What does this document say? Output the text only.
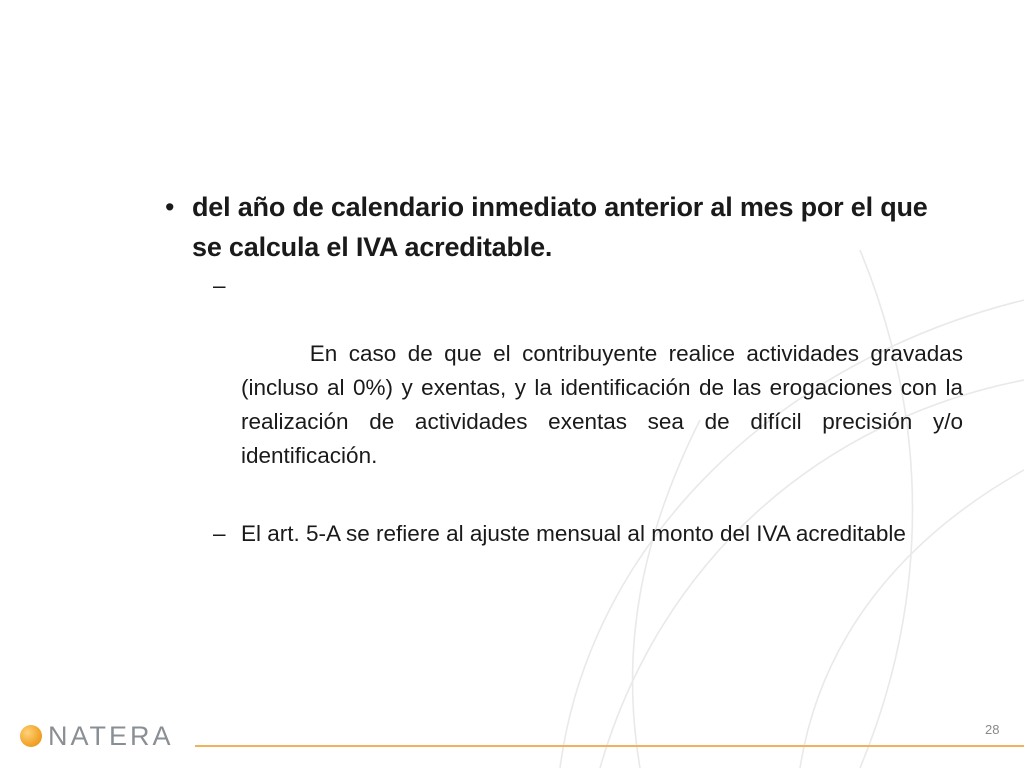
• del año de calendario inmediato anterior al mes por el que se calcula el IVA acreditable.

–

En caso de que el contribuyente realice actividades gravadas (incluso al 0%) y exentas, y la identificación de las erogaciones con la realización de actividades exentas sea de difícil precisión y/o identificación.

– El art. 5-A se refiere al ajuste mensual al monto del IVA acreditable
NATERA	28
